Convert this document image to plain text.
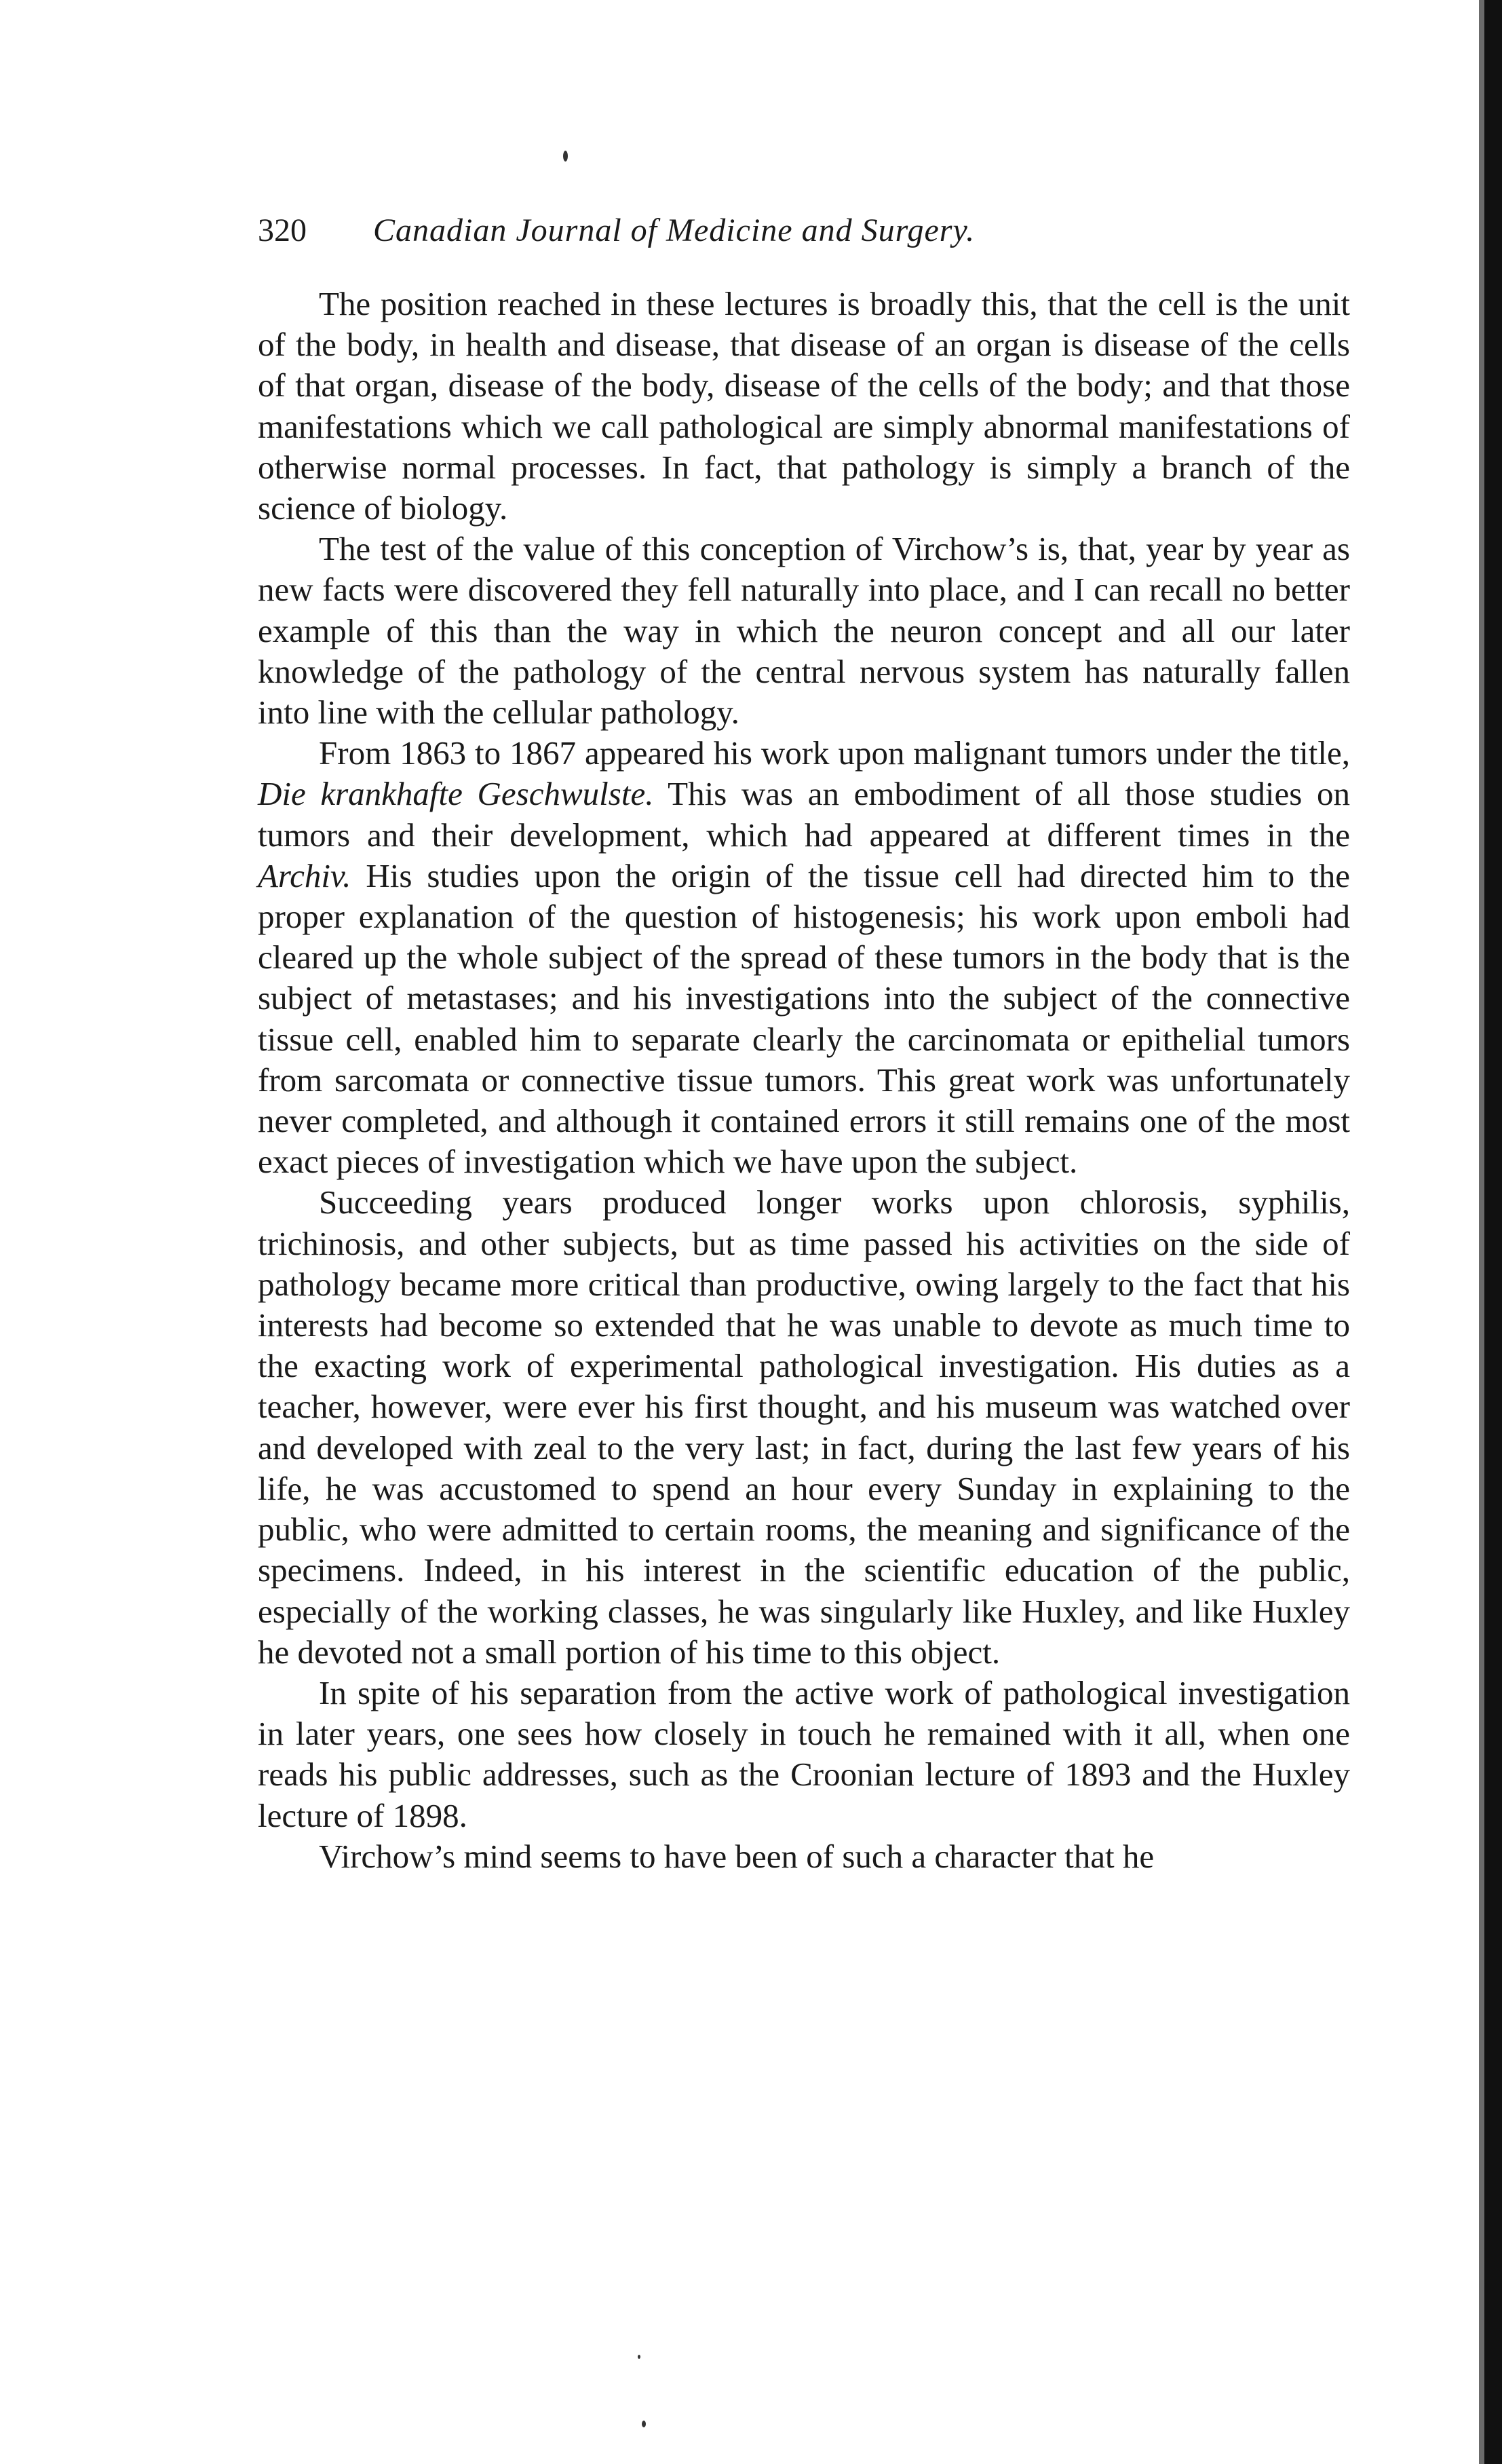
320 Canadian Journal of Medicine and Surgery.

The position reached in these lectures is broadly this, that the cell is the unit of the body, in health and disease, that disease of an organ is disease of the cells of that organ, disease of the body, disease of the cells of the body; and that those manifestations which we call pathological are simply abnormal manifestations of otherwise normal processes. In fact, that pathology is simply a branch of the science of biology.

The test of the value of this conception of Virchow’s is, that, year by year as new facts were discovered they fell naturally into place, and I can recall no better example of this than the way in which the neuron concept and all our later knowledge of the pathology of the central nervous system has naturally fallen into line with the cellular pathology.

From 1863 to 1867 appeared his work upon malignant tumors under the title, Die krankhafte Geschwulste. This was an embodiment of all those studies on tumors and their development, which had appeared at different times in the Archiv. His studies upon the origin of the tissue cell had directed him to the proper explanation of the question of histogenesis; his work upon emboli had cleared up the whole subject of the spread of these tumors in the body that is the subject of metastases; and his investigations into the subject of the connective tissue cell, enabled him to separate clearly the carcinomata or epithelial tumors from sarcomata or connective tissue tumors. This great work was unfortunately never completed, and although it contained errors it still remains one of the most exact pieces of investigation which we have upon the subject.

Succeeding years produced longer works upon chlorosis, syphilis, trichinosis, and other subjects, but as time passed his activities on the side of pathology became more critical than productive, owing largely to the fact that his interests had become so extended that he was unable to devote as much time to the exacting work of experimental pathological investigation. His duties as a teacher, however, were ever his first thought, and his museum was watched over and developed with zeal to the very last; in fact, during the last few years of his life, he was accustomed to spend an hour every Sunday in explaining to the public, who were admitted to certain rooms, the meaning and significance of the specimens. Indeed, in his interest in the scientific education of the public, especially of the working classes, he was singularly like Huxley, and like Huxley he devoted not a small portion of his time to this object.

In spite of his separation from the active work of pathological investigation in later years, one sees how closely in touch he remained with it all, when one reads his public addresses, such as the Croonian lecture of 1893 and the Huxley lecture of 1898.

Virchow’s mind seems to have been of such a character that he
